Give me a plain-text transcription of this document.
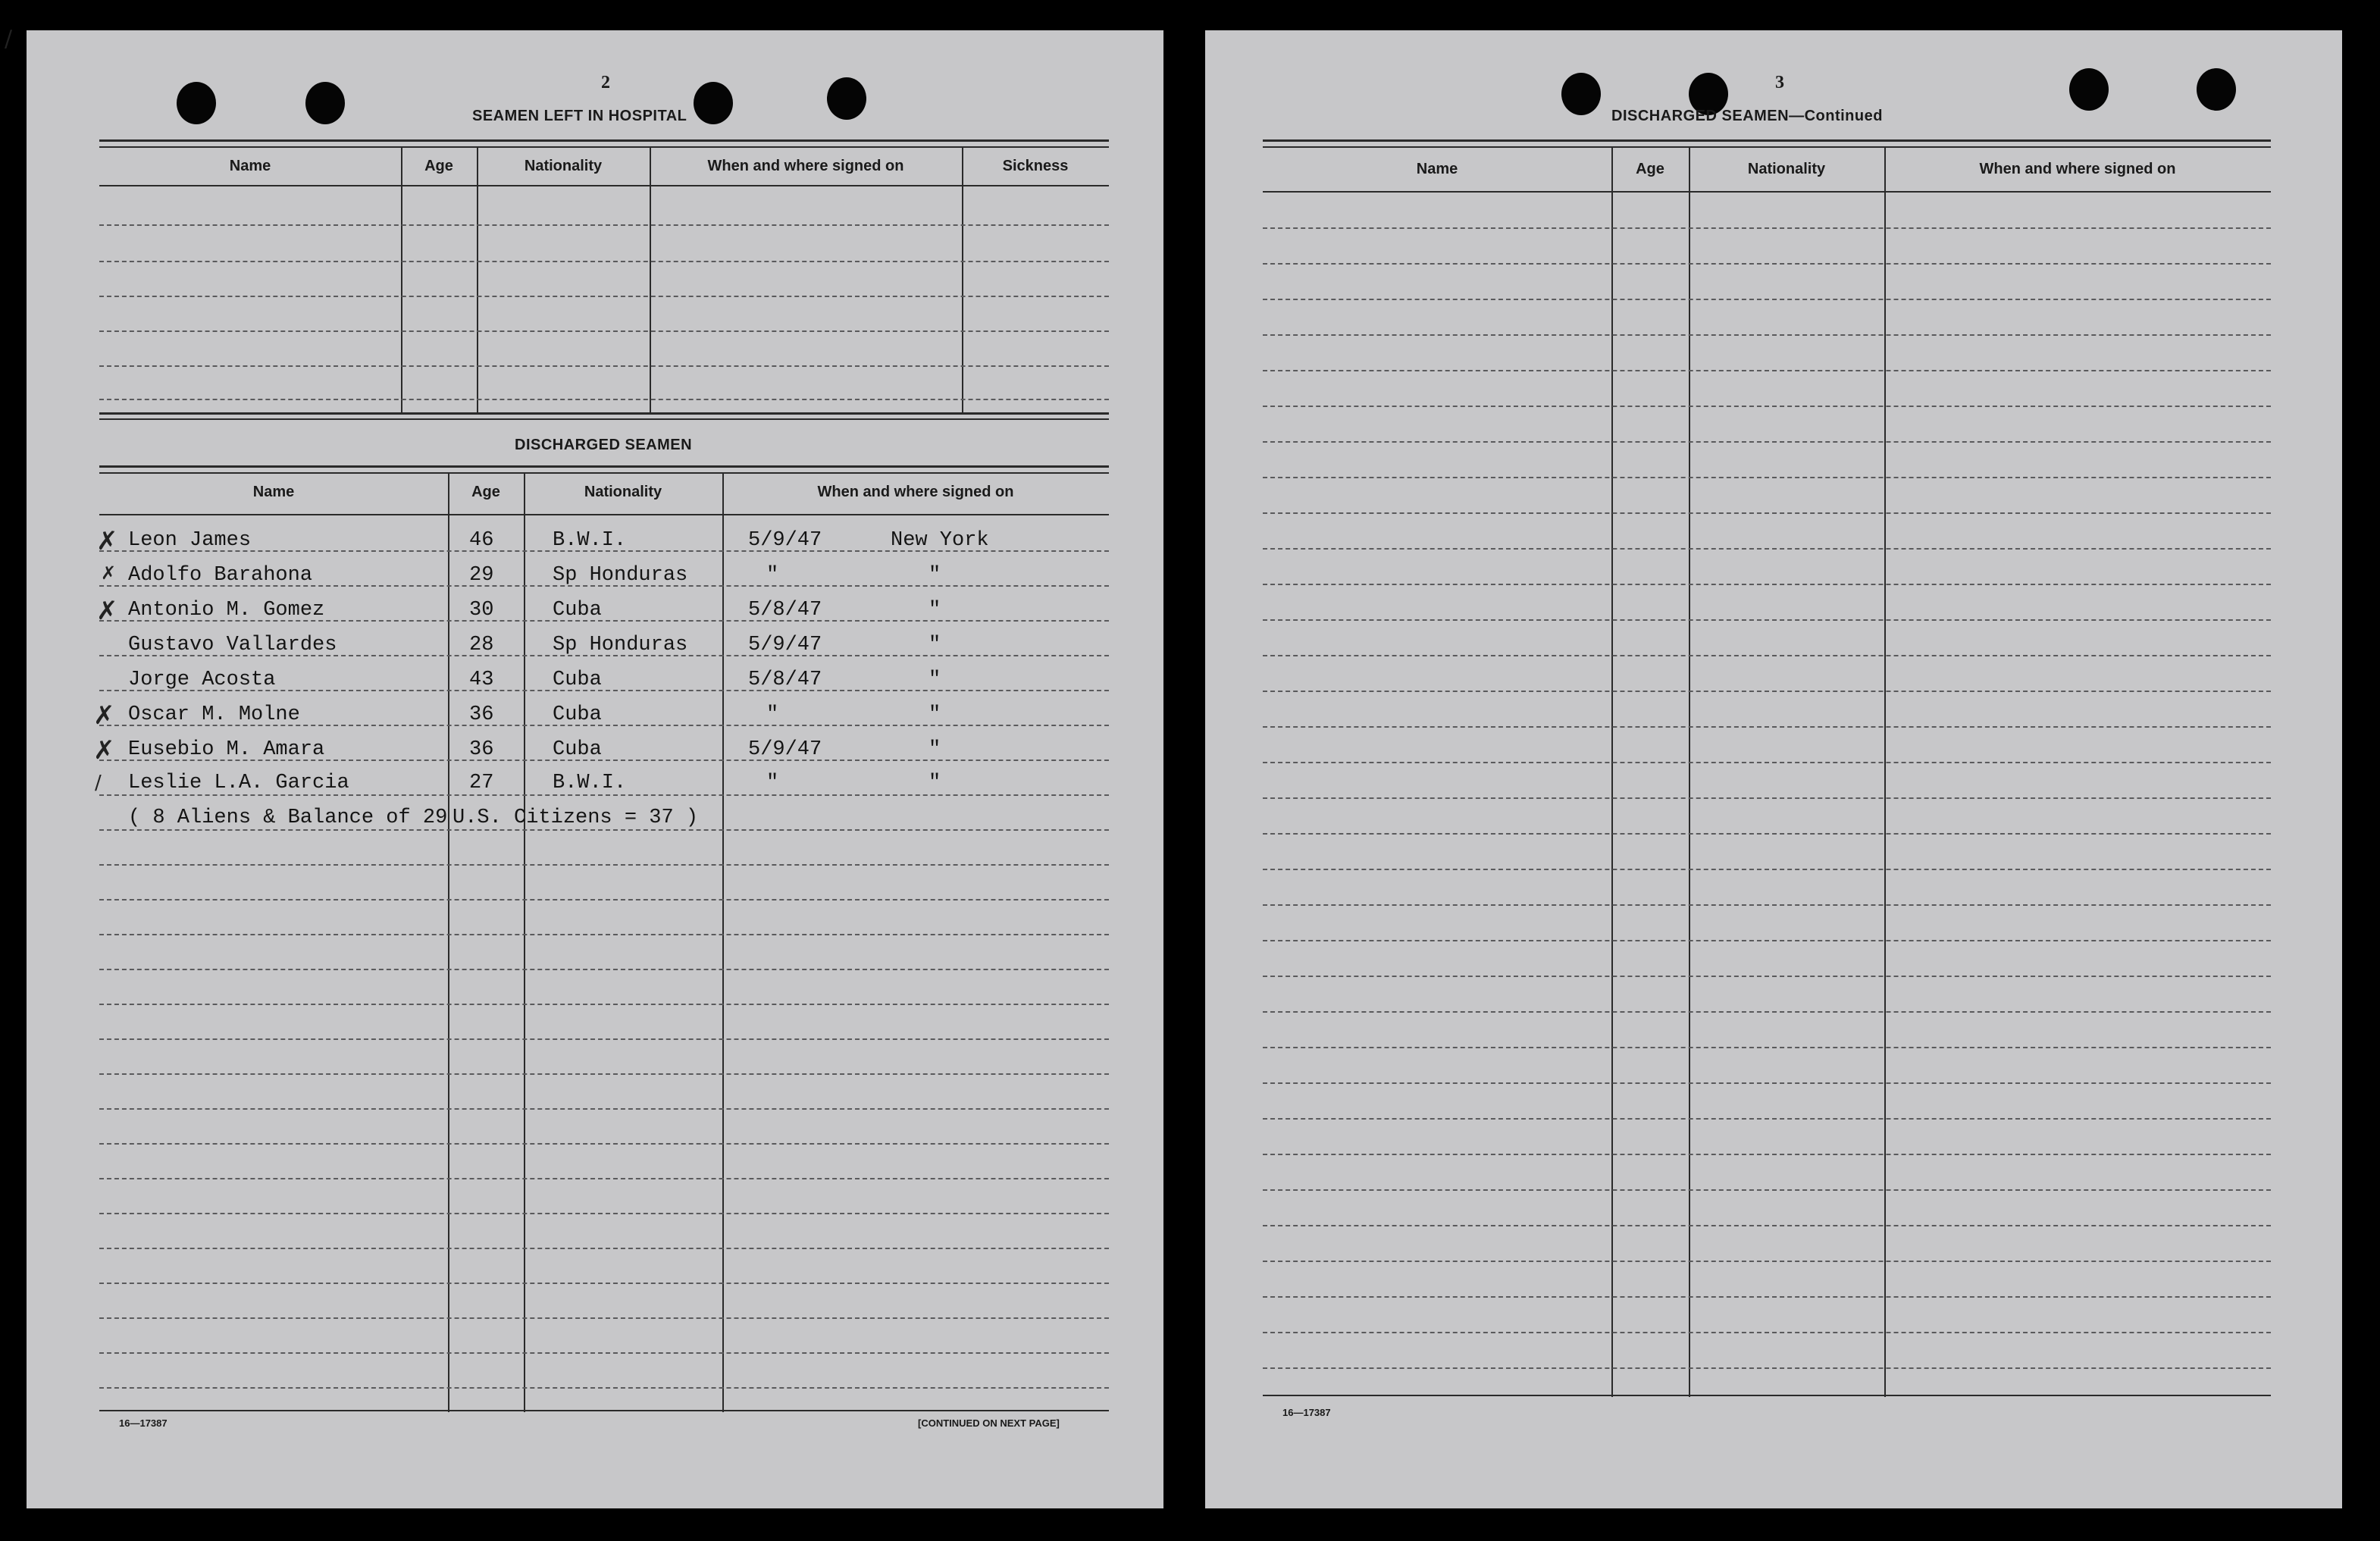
2
SEAMEN LEFT IN HOSPITAL
Name	Age	Nationality	When and where signed on	Sickness
DISCHARGED SEAMEN
Name	Age	Nationality	When and where signed on
✗ Leon James	46	B.W.I.	5/9/47	New York
✗ Adolfo Barahona	29	Sp Honduras	"	"
✗ Antonio M. Gomez	30	Cuba	5/8/47	"
Gustavo Vallardes	28	Sp Honduras	5/9/47	"
Jorge Acosta	43	Cuba	5/8/47	"
✗ Oscar M. Molne	36	Cuba	"	"
✗ Eusebio M. Amara	36	Cuba	5/9/47	"
/ Leslie L.A. Garcia	27	B.W.I.	"	"
( 8 Aliens & Balance of 29 U.S. Citizens = 37 )
16—17387	[CONTINUED ON NEXT PAGE]
3
DISCHARGED SEAMEN—Continued
Name	Age	Nationality	When and where signed on
16—17387
/
